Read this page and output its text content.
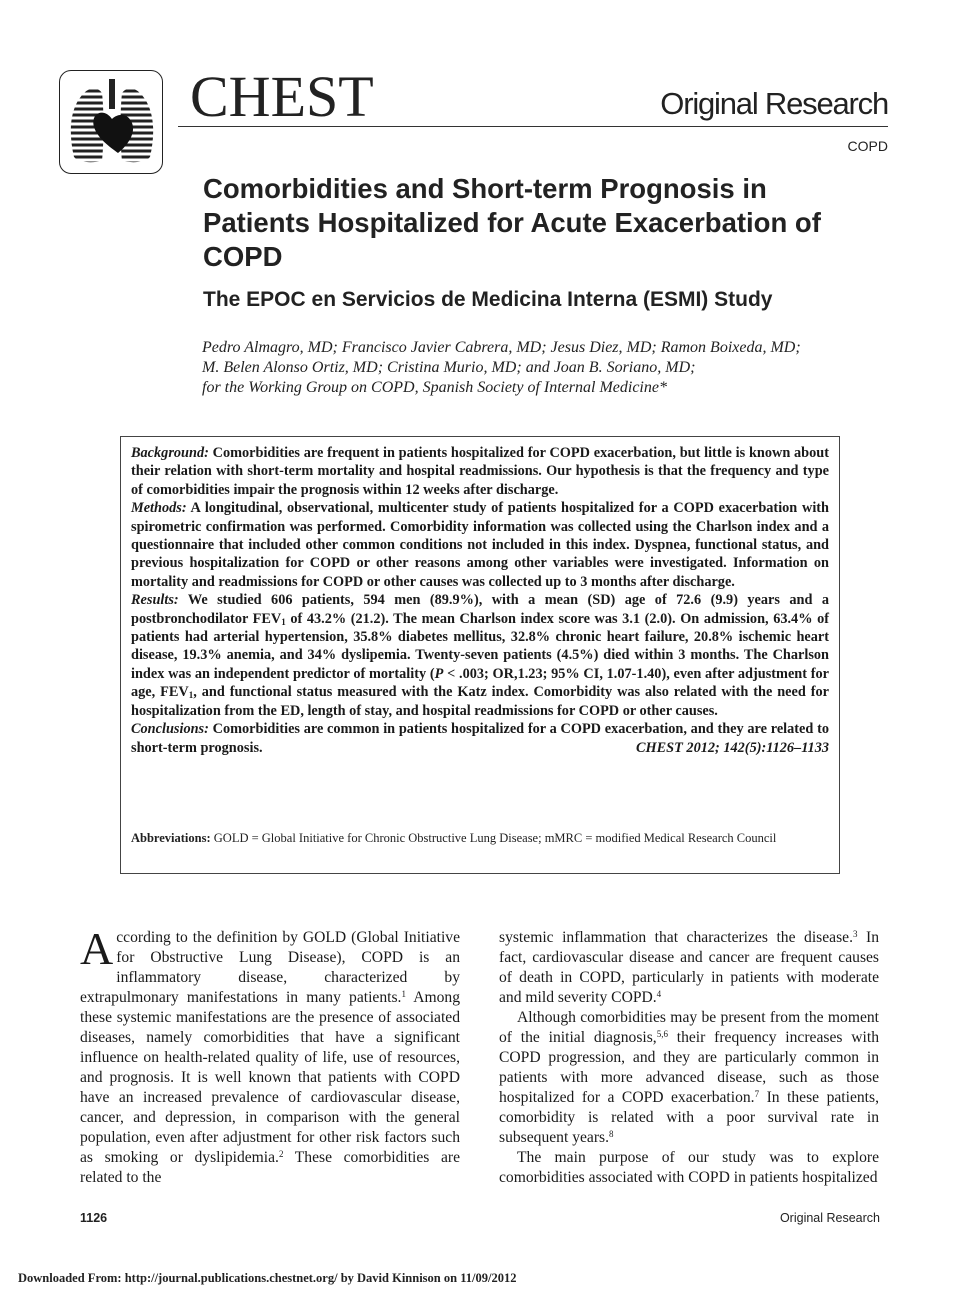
CHEST	Original Research
COPD
Comorbidities and Short-term Prognosis in Patients Hospitalized for Acute Exacerbation of COPD
The EPOC en Servicios de Medicina Interna (ESMI) Study
Pedro Almagro, MD; Francisco Javier Cabrera, MD; Jesus Diez, MD; Ramon Boixeda, MD;
M. Belen Alonso Ortiz, MD; Cristina Murio, MD; and Joan B. Soriano, MD;
for the Working Group on COPD, Spanish Society of Internal Medicine*

Background: Comorbidities are frequent in patients hospitalized for COPD exacerbation, but little is known about their relation with short-term mortality and hospital readmissions. Our hypothesis is that the frequency and type of comorbidities impair the prognosis within 12 weeks after discharge.

Methods: A longitudinal, observational, multicenter study of patients hospitalized for a COPD exacerbation with spirometric confirmation was performed. Comorbidity information was collected using the Charlson index and a questionnaire that included other common conditions not included in this index. Dyspnea, functional status, and previous hospitalization for COPD or other reasons among other variables were investigated. Information on mortality and readmissions for COPD or other causes was collected up to 3 months after discharge.

Results: We studied 606 patients, 594 men (89.9%), with a mean (SD) age of 72.6 (9.9) years and a postbronchodilator $FEV_1$ of 43.2% (21.2). The mean Charlson index score was 3.1 (2.0). On admission, 63.4% of patients had arterial hypertension, 35.8% diabetes mellitus, 32.8% chronic heart failure, 20.8% ischemic heart disease, 19.3% anemia, and 34% dyslipemia. Twenty-seven patients (4.5%) died within 3 months. The Charlson index was an independent predictor of mortality (P < .003; OR,1.23; 95% CI, 1.07-1.40), even after adjustment for age, $FEV_1$, and functional status measured with the Katz index. Comorbidity was also related with the need for hospitalization from the ED, length of stay, and hospital readmissions for COPD or other causes.

Conclusions: Comorbidities are common in patients hospitalized for a COPD exacerbation, and they are related to short-term prognosis.	CHEST 2012; 142(5):1126–1133

Abbreviations: GOLD = Global Initiative for Chronic Obstructive Lung Disease; mMRC = modified Medical Research Council

According to the definition by GOLD (Global Initiative for Obstructive Lung Disease), COPD is an inflammatory disease, characterized by extrapulmonary manifestations in many patients.$^1$ Among these systemic manifestations are the presence of associated diseases, namely comorbidities that have a significant influence on health-related quality of life, use of resources, and prognosis. It is well known that patients with COPD have an increased prevalence of cardiovascular disease, cancer, and depression, in comparison with the general population, even after adjustment for other risk factors such as smoking or dyslipidemia.$^2$ These comorbidities are related to the

systemic inflammation that characterizes the disease.$^3$ In fact, cardiovascular disease and cancer are frequent causes of death in COPD, particularly in patients with moderate and mild severity COPD.$^4$

Although comorbidities may be present from the moment of the initial diagnosis,$^{5,6}$ their frequency increases with COPD progression, and they are particularly common in patients with more advanced disease, such as those hospitalized for a COPD exacerbation.$^7$ In these patients, comorbidity is related with a poor survival rate in subsequent years.$^8$

The main purpose of our study was to explore comorbidities associated with COPD in patients hospitalized

1126	Original Research
Downloaded From: http://journal.publications.chestnet.org/ by David Kinnison on 11/09/2012
